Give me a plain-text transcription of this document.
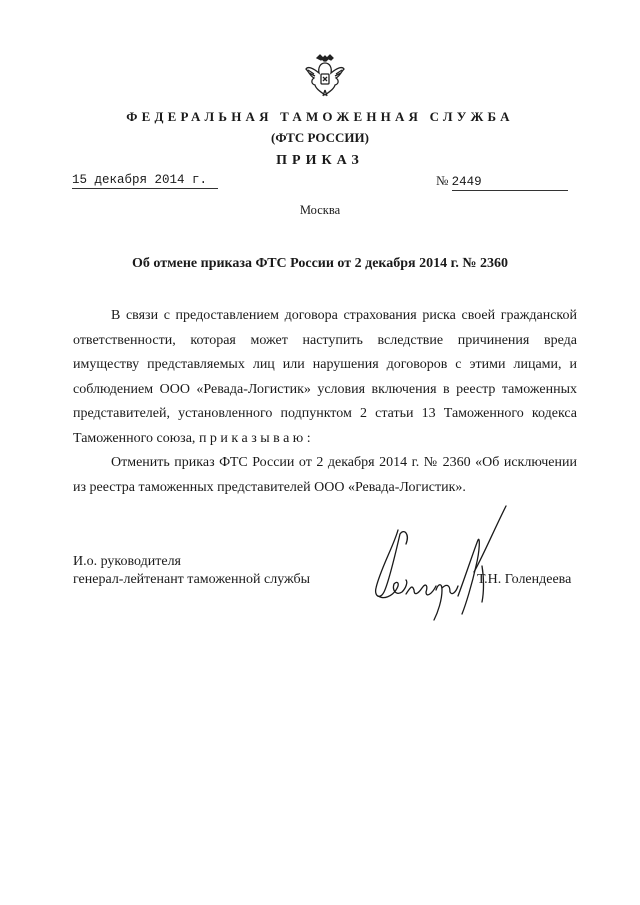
ФЕДЕРАЛЬНАЯ ТАМОЖЕННАЯ СЛУЖБА
(ФТС РОССИИ)
ПРИКАЗ
15 декабря 2014 г.	№ 2449
Москва
Об отмене приказа ФТС России от 2 декабря 2014 г. № 2360

В связи с предоставлением договора страхования риска своей гражданской ответственности, которая может наступить вследствие причинения вреда имуществу представляемых лиц или нарушения договоров с этими лицами, и соблюдением ООО «Ревада-Логистик» условия включения в реестр таможенных представителей, установленного подпунктом 2 статьи 13 Таможенного кодекса Таможенного союза, приказываю:

Отменить приказ ФТС России от 2 декабря 2014 г. № 2360 «Об исключении из реестра таможенных представителей ООО «Ревада-Логистик».

И.о. руководителя
генерал-лейтенант таможенной службы	Т.Н. Голендеева
